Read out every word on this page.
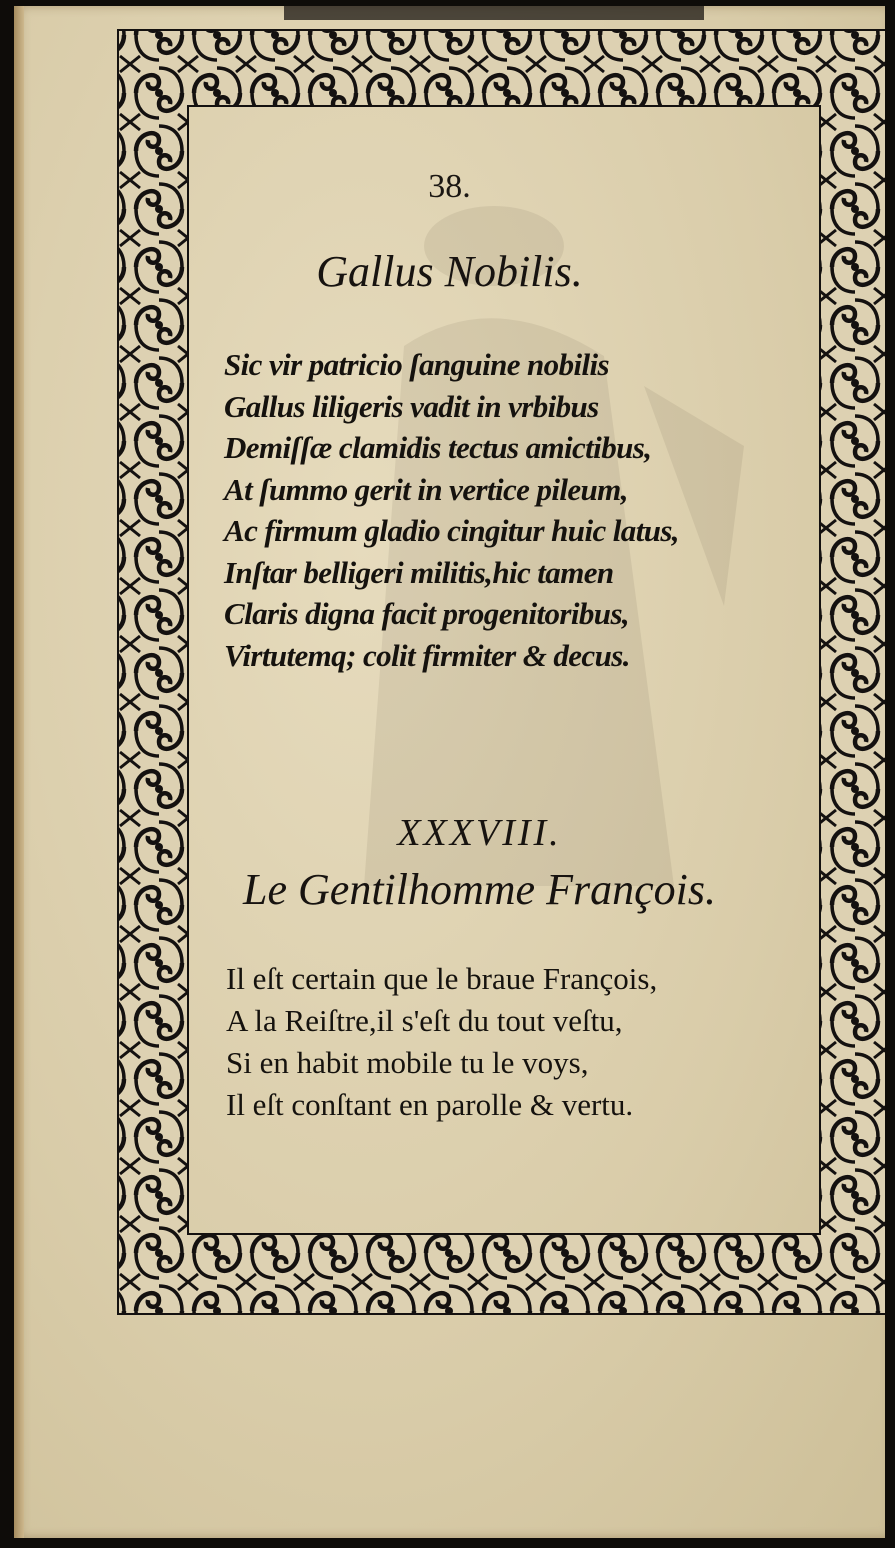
38.
Gallus Nobilis.
Sic vir patricio ſanguine nobilis
Gallus liligeris vadit in vrbibus
Demiſſæ clamidis tectus amictibus,
At ſummo gerit in vertice pileum,
Ac firmum gladio cingitur huic latus,
Inſtar belligeri militis,hic tamen
Claris digna facit progenitoribus,
Virtutemq; colit firmiter & decus.
XXXVIII.
Le Gentilhomme François.
Il eſt certain que le braue François,
A la Reiſtre,il s'eſt du tout veſtu,
Si en habit mobile tu le voys,
Il eſt conſtant en parolle & vertu.
